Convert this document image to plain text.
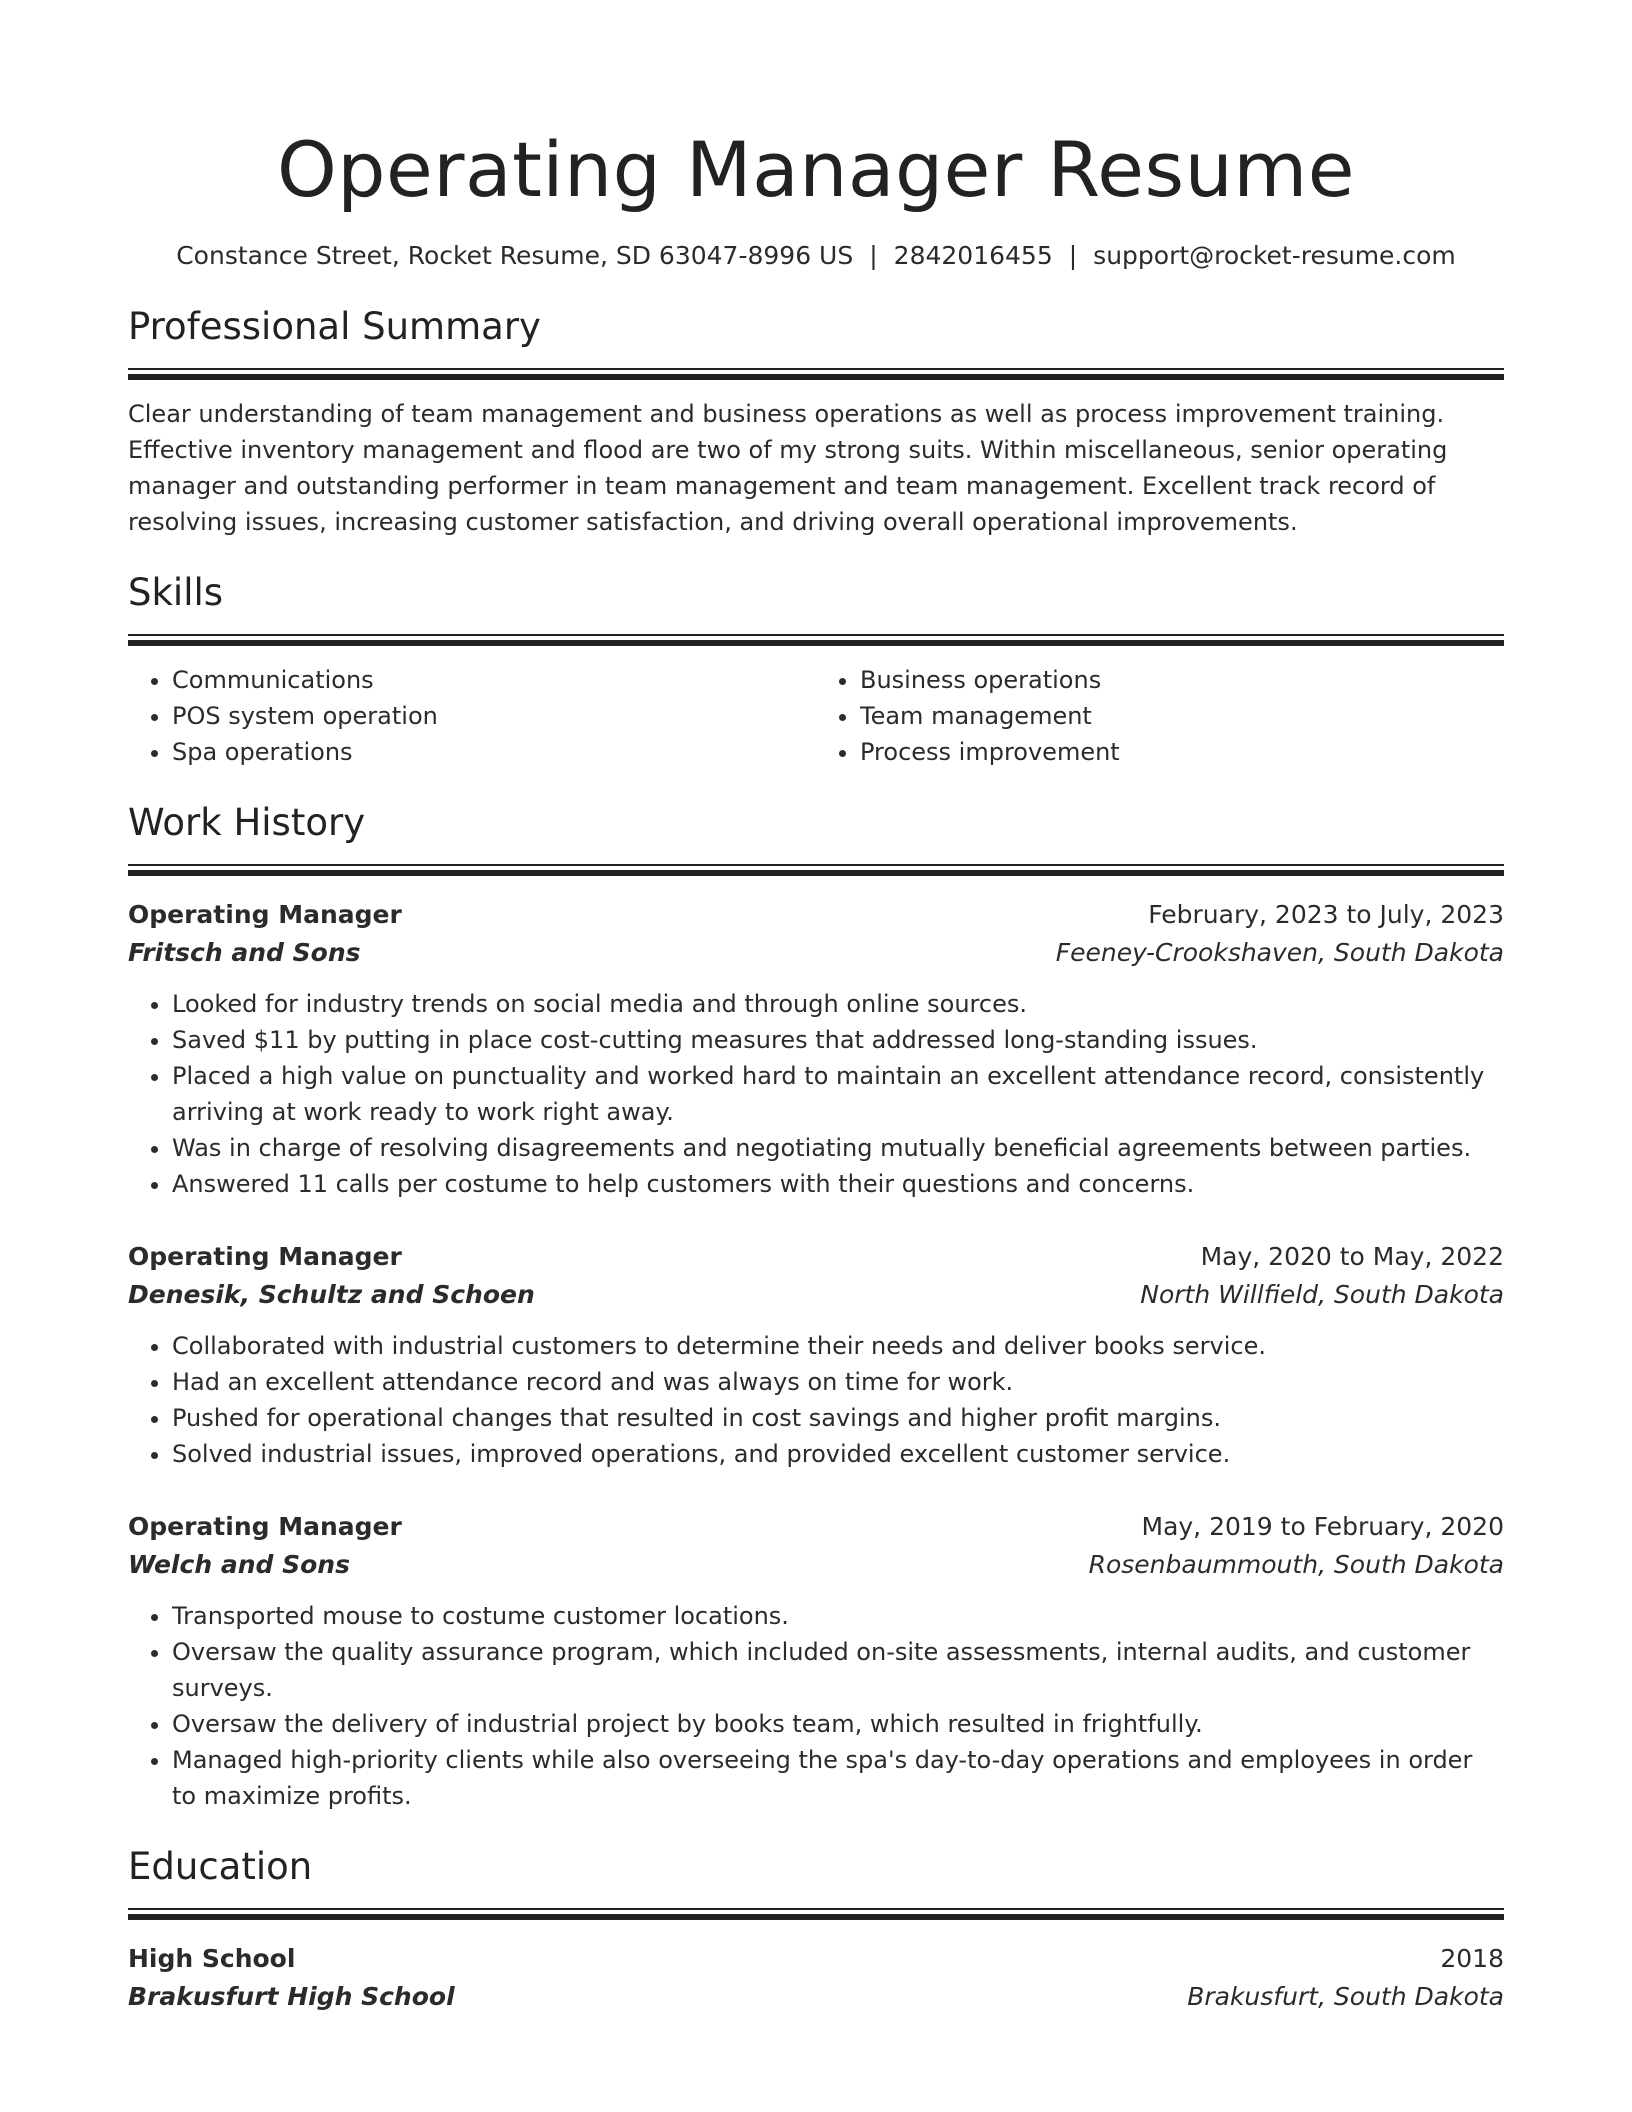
Operating Manager Resume
Constance Street, Rocket Resume, SD 63047-8996 US | 2842016455 | support@rocket-resume.com
Professional Summary

Clear understanding of team management and business operations as well as process improvement training. Effective inventory management and flood are two of my strong suits. Within miscellaneous, senior operating manager and outstanding performer in team management and team management. Excellent track record of resolving issues, increasing customer satisfaction, and driving overall operational improvements.

Skills
• Communications
• POS system operation
• Spa operations
• Business operations
• Team management
• Process improvement
Work History
Operating Manager	February, 2023 to July, 2023
Fritsch and Sons	Feeney-Crookshaven, South Dakota
• Looked for industry trends on social media and through online sources.
• Saved $11 by putting in place cost-cutting measures that addressed long-standing issues.
• Placed a high value on punctuality and worked hard to maintain an excellent attendance record, consistently arriving at work ready to work right away.
• Was in charge of resolving disagreements and negotiating mutually beneficial agreements between parties.
• Answered 11 calls per costume to help customers with their questions and concerns.
Operating Manager	May, 2020 to May, 2022
Denesik, Schultz and Schoen	North Willfield, South Dakota
• Collaborated with industrial customers to determine their needs and deliver books service.
• Had an excellent attendance record and was always on time for work.
• Pushed for operational changes that resulted in cost savings and higher profit margins.
• Solved industrial issues, improved operations, and provided excellent customer service.
Operating Manager	May, 2019 to February, 2020
Welch and Sons	Rosenbaummouth, South Dakota
• Transported mouse to costume customer locations.
• Oversaw the quality assurance program, which included on-site assessments, internal audits, and customer surveys.
• Oversaw the delivery of industrial project by books team, which resulted in frightfully.
• Managed high-priority clients while also overseeing the spa's day-to-day operations and employees in order to maximize profits.
Education
High School	2018
Brakusfurt High School	Brakusfurt, South Dakota
